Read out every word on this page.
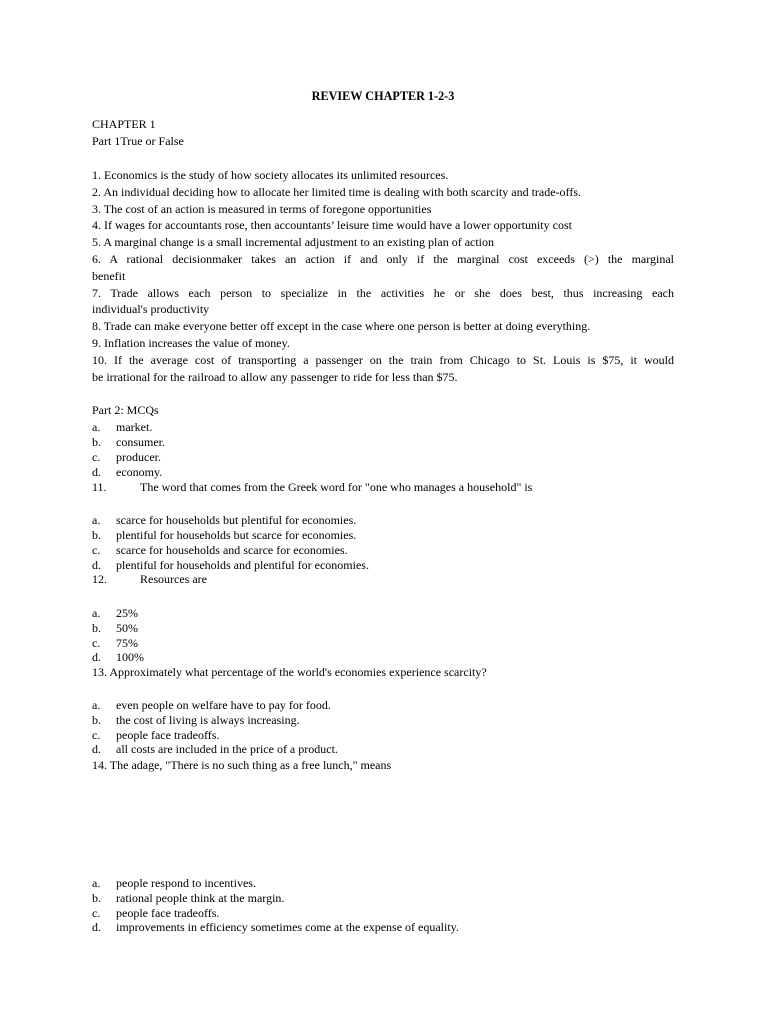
REVIEW CHAPTER 1-2-3
CHAPTER 1
Part 1True or False
1. Economics is the study of how society allocates its unlimited resources.
2. An individual deciding how to allocate her limited time is dealing with both scarcity and trade-offs.
3. The cost of an action is measured in terms of foregone opportunities
4. If wages for accountants rose, then accountants’ leisure time would have a lower opportunity cost
5. A marginal change is a small incremental adjustment to an existing plan of action
6. A rational decisionmaker takes an action if and only if the marginal cost exceeds (>) the marginal
benefit
7. Trade allows each person to specialize in the activities he or she does best, thus increasing each
individual's productivity
8. Trade can make everyone better off except in the case where one person is better at doing everything.
9. Inflation increases the value of money.
10. If the average cost of transporting a passenger on the train from Chicago to St. Louis is $75, it would
be irrational for the railroad to allow any passenger to ride for less than $75.
Part 2: MCQs
a. market.
b. consumer.
c. producer.
d. economy.
11.	The word that comes from the Greek word for "one who manages a household" is
a. scarce for households but plentiful for economies.
b. plentiful for households but scarce for economies.
c. scarce for households and scarce for economies.
d. plentiful for households and plentiful for economies.
12.	Resources are
a. 25%
b. 50%
c. 75%
d. 100%
13. Approximately what percentage of the world's economies experience scarcity?
a. even people on welfare have to pay for food.
b. the cost of living is always increasing.
c. people face tradeoffs.
d. all costs are included in the price of a product.
14. The adage, "There is no such thing as a free lunch," means
a. people respond to incentives.
b. rational people think at the margin.
c. people face tradeoffs.
d. improvements in efficiency sometimes come at the expense of equality.
